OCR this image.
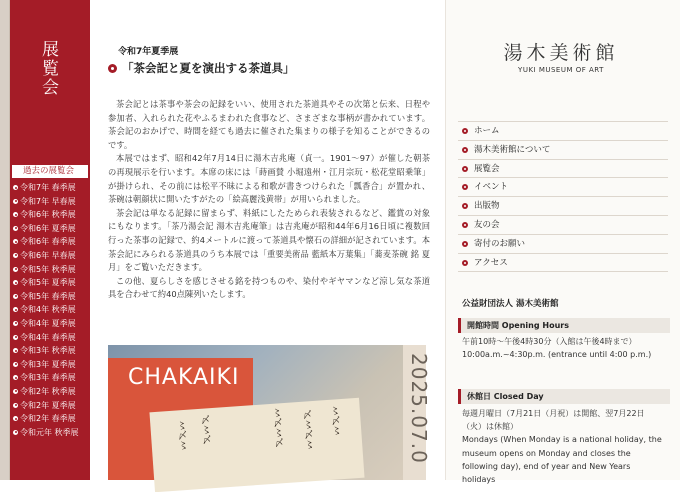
展覧会
過去の展覧会
令和7年 春季展
令和7年 早春展
令和6年 秋季展
令和6年 夏季展
令和6年 春季展
令和6年 早春展
令和5年 秋季展
令和5年 夏季展
令和5年 春季展
令和4年 秋季展
令和4年 夏季展
令和4年 春季展
令和3年 秋季展
令和3年 夏季展
令和3年 春季展
令和2年 秋季展
令和2年 夏季展
令和2年 春季展
令和元年 秋季展
令和7年夏季展
「茶会記と夏を演出する茶道具」

茶会記とは茶事や茶会の記録をいい、使用された茶道具やその次第と伝来、日程や参加者、入れられた花やふるまわれた食事など、さまざまな事柄が書かれています。茶会記のおかげで、時間を経ても過去に催された集まりの様子を知ることができるのです。

本展ではまず、昭和42年7月14日に湯木吉兆庵（貞一。1901〜97）が催した朝茶の再現展示を行います。本席の床には「蒔画賛 小堀遠州・江月宗玩・松花堂昭乗筆」が掛けられ、その前には松平不昧による和歌が書きつけられた「瓢香合」が置かれ、茶碗は朝顔状に開いたすがたの「絵高麗浅黄帯」が用いられました。

茶会記は単なる記録に留まらず、料紙にしたためられ表装されるなど、鑑賞の対象にもなります。「茶乃湯会記 湯木吉兆庵筆」は吉兆庵が昭和44年6月16日頃に複数回行った茶事の記録で、約4メートルに渡って茶道具や懐石の詳細が記されています。本茶会記にみられる茶道具のうち本展では「重要美術品 藍紙本万葉集」「蕎麦茶碗 銘 夏月」をご覧いただきます。

この他、夏らしさを感じさせる銘を持つものや、染付やギヤマンなど涼し気な茶道具を合わせて約40点陳列いたします。

CHAKAIKI
〻〆〻 〆〻〆	〻〆〻〆 〆〻〆〻 〻〆〻	2025.07.0
湯木美術館
YUKI MUSEUM OF ART
ホーム
湯木美術館について
展覧会
イベント
出版物
友の会
寄付のお願い
アクセス
公益財団法人 湯木美術館
開館時間 Opening Hours
午前10時〜午後4時30分（入館は午後4時まで）
10:00a.m.~4:30p.m. (entrance until 4:00 p.m.)
休館日 Closed Day
毎週月曜日（7月21日（月祝）は開館、翌7月22日（火）は休館）
Mondays (When Monday is a national holiday, the museum opens on Monday and closes the following day), end of year and New Years holidays
